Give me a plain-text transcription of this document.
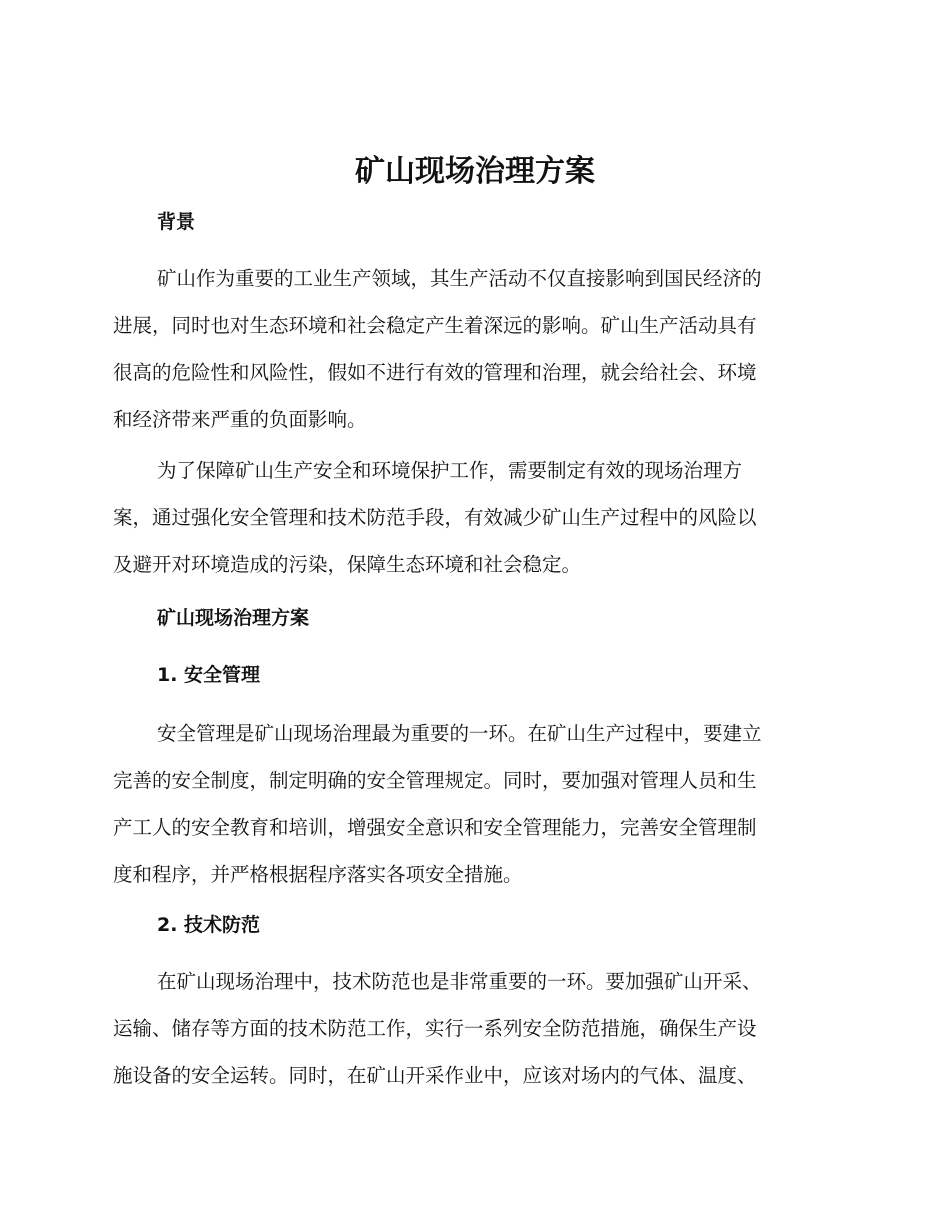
矿山现场治理方案
背景
矿山作为重要的工业生产领域，其生产活动不仅直接影响到国民经济的
进展，同时也对生态环境和社会稳定产生着深远的影响。矿山生产活动具有
很高的危险性和风险性，假如不进行有效的管理和治理，就会给社会、环境
和经济带来严重的负面影响。
为了保障矿山生产安全和环境保护工作，需要制定有效的现场治理方
案，通过强化安全管理和技术防范手段，有效减少矿山生产过程中的风险以
及避开对环境造成的污染，保障生态环境和社会稳定。
矿山现场治理方案
1. 安全管理
安全管理是矿山现场治理最为重要的一环。在矿山生产过程中，要建立
完善的安全制度，制定明确的安全管理规定。同时，要加强对管理人员和生
产工人的安全教育和培训，增强安全意识和安全管理能力，完善安全管理制
度和程序，并严格根据程序落实各项安全措施。
2. 技术防范
在矿山现场治理中，技术防范也是非常重要的一环。要加强矿山开采、
运输、储存等方面的技术防范工作，实行一系列安全防范措施，确保生产设
施设备的安全运转。同时，在矿山开采作业中，应该对场内的气体、温度、
